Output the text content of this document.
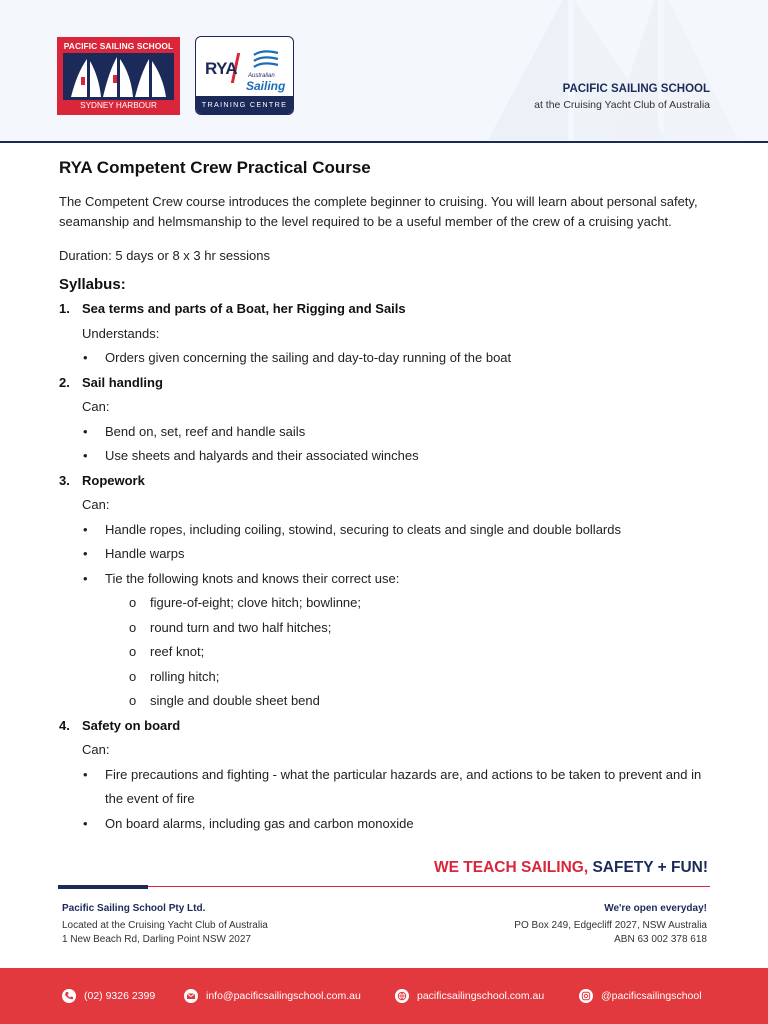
PACIFIC SAILING SCHOOL
SYDNEY HARBOUR
RYA Australian
Sailing
TRAINING CENTRE
PACIFIC SAILING SCHOOL
at the Cruising Yacht Club of Australia
RYA Competent Crew Practical Course
The Competent Crew course introduces the complete beginner to cruising. You will learn about personal safety, seamanship and helmsmanship to the level required to be a useful member of the crew of a cruising yacht.
Duration: 5 days or 8 x 3 hr sessions
Syllabus:
1. Sea terms and parts of a Boat, her Rigging and Sails
Understands:
• Orders given concerning the sailing and day-to-day running of the boat
2. Sail handling
Can:
• Bend on, set, reef and handle sails
• Use sheets and halyards and their associated winches
3. Ropework
Can:
• Handle ropes, including coiling, stowind, securing to cleats and single and double bollards
• Handle warps
• Tie the following knots and knows their correct use:
o figure-of-eight; clove hitch; bowlinne;
o round turn and two half hitches;
o reef knot;
o rolling hitch;
o single and double sheet bend
4. Safety on board
Can:
• Fire precautions and fighting - what the particular hazards are, and actions to be taken to prevent and in the event of fire
• On board alarms, including gas and carbon monoxide
WE TEACH SAILING, SAFETY + FUN!
Pacific Sailing School Pty Ltd.
Located at the Cruising Yacht Club of Australia
1 New Beach Rd, Darling Point NSW 2027
We're open everyday!
PO Box 249, Edgecliff 2027, NSW Australia
ABN 63 002 378 618
(02) 9326 2399	info@pacificsailingschool.com.au	pacificsailingschool.com.au	@pacificsailingschool
